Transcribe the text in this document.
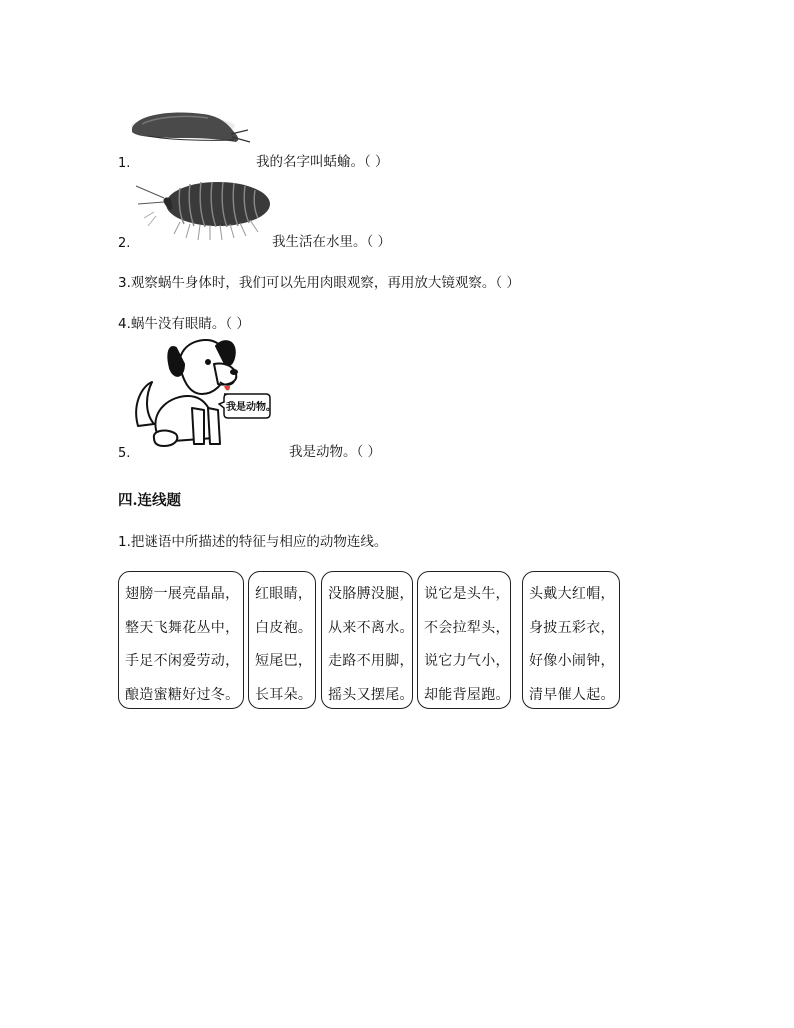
1.	我的名字叫蛞蝓。（ ）
2.	我生活在水里。（ ）
3.观察蜗牛身体时，我们可以先用肉眼观察，再用放大镜观察。（ ）
4.蜗牛没有眼睛。（ ）
我是动物。
5.	我是动物。（ ）
四.连线题
1.把谜语中所描述的特征与相应的动物连线。
翅膀一展亮晶晶，
整天飞舞花丛中，
手足不闲爱劳动，
酿造蜜糖好过冬。
红眼睛，
白皮袍。
短尾巴，
长耳朵。
没胳膊没腿，
从来不离水。
走路不用脚，
摇头又摆尾。
说它是头牛，
不会拉犁头，
说它力气小，
却能背屋跑。
头戴大红帽，
身披五彩衣，
好像小闹钟，
清早催人起。
